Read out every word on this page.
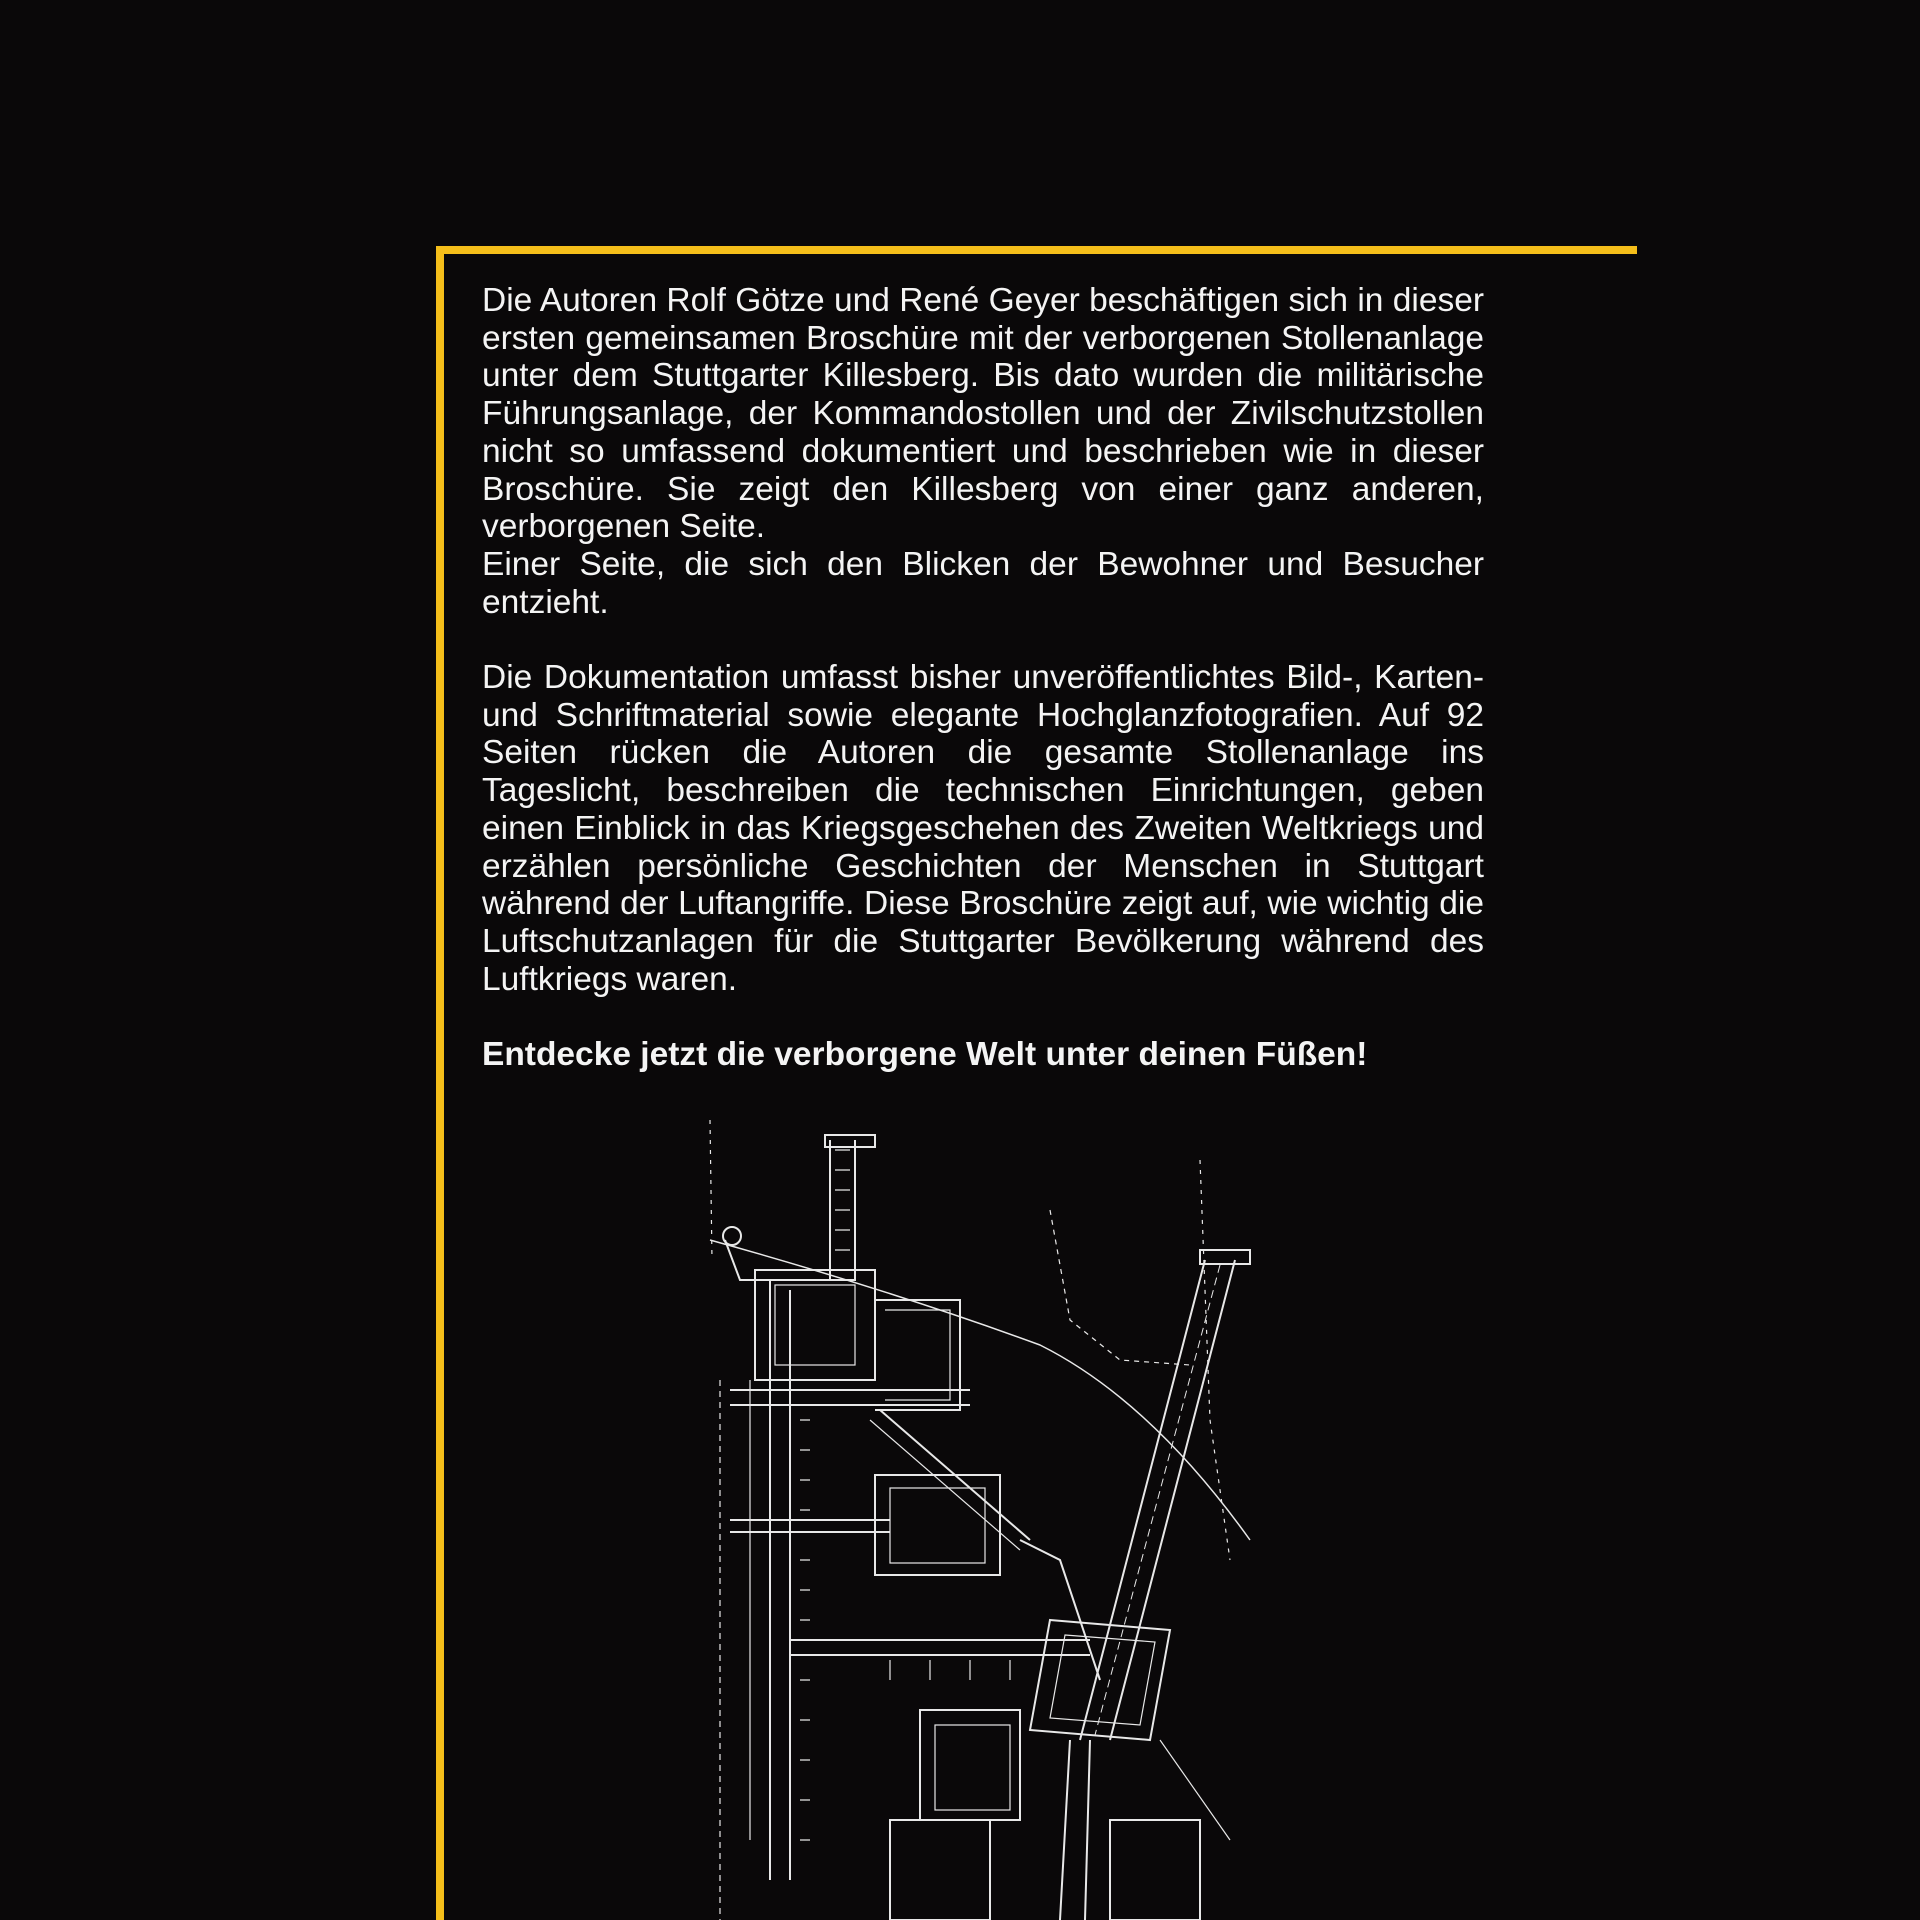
Die Autoren Rolf Götze und René Geyer beschäftigen sich in dieser ersten gemeinsamen Broschüre mit der verborgenen Stollenanlage unter dem Stuttgarter Killesberg. Bis dato wurden die militärische Führungsanlage, der Kommandostollen und der Zivilschutzstollen nicht so umfassend dokumentiert und beschrieben wie in dieser Broschüre. Sie zeigt den Killesberg von einer ganz anderen, verborgenen Seite.

Einer Seite, die sich den Blicken der Bewohner und Besucher entzieht.

Die Dokumentation umfasst bisher unveröffentlichtes Bild-, Karten- und Schriftmaterial sowie elegante Hochglanzfotografien. Auf 92 Seiten rücken die Autoren die gesamte Stollenanlage ins Tageslicht, beschreiben die technischen Einrichtungen, geben einen Einblick in das Kriegsgeschehen des Zweiten Weltkriegs und erzählen persönliche Geschichten der Menschen in Stuttgart während der Luftangriffe. Diese Broschüre zeigt auf, wie wichtig die Luftschutzanlagen für die Stuttgarter Bevölkerung während des Luftkriegs waren.

Entdecke jetzt die verborgene Welt unter deinen Füßen!
